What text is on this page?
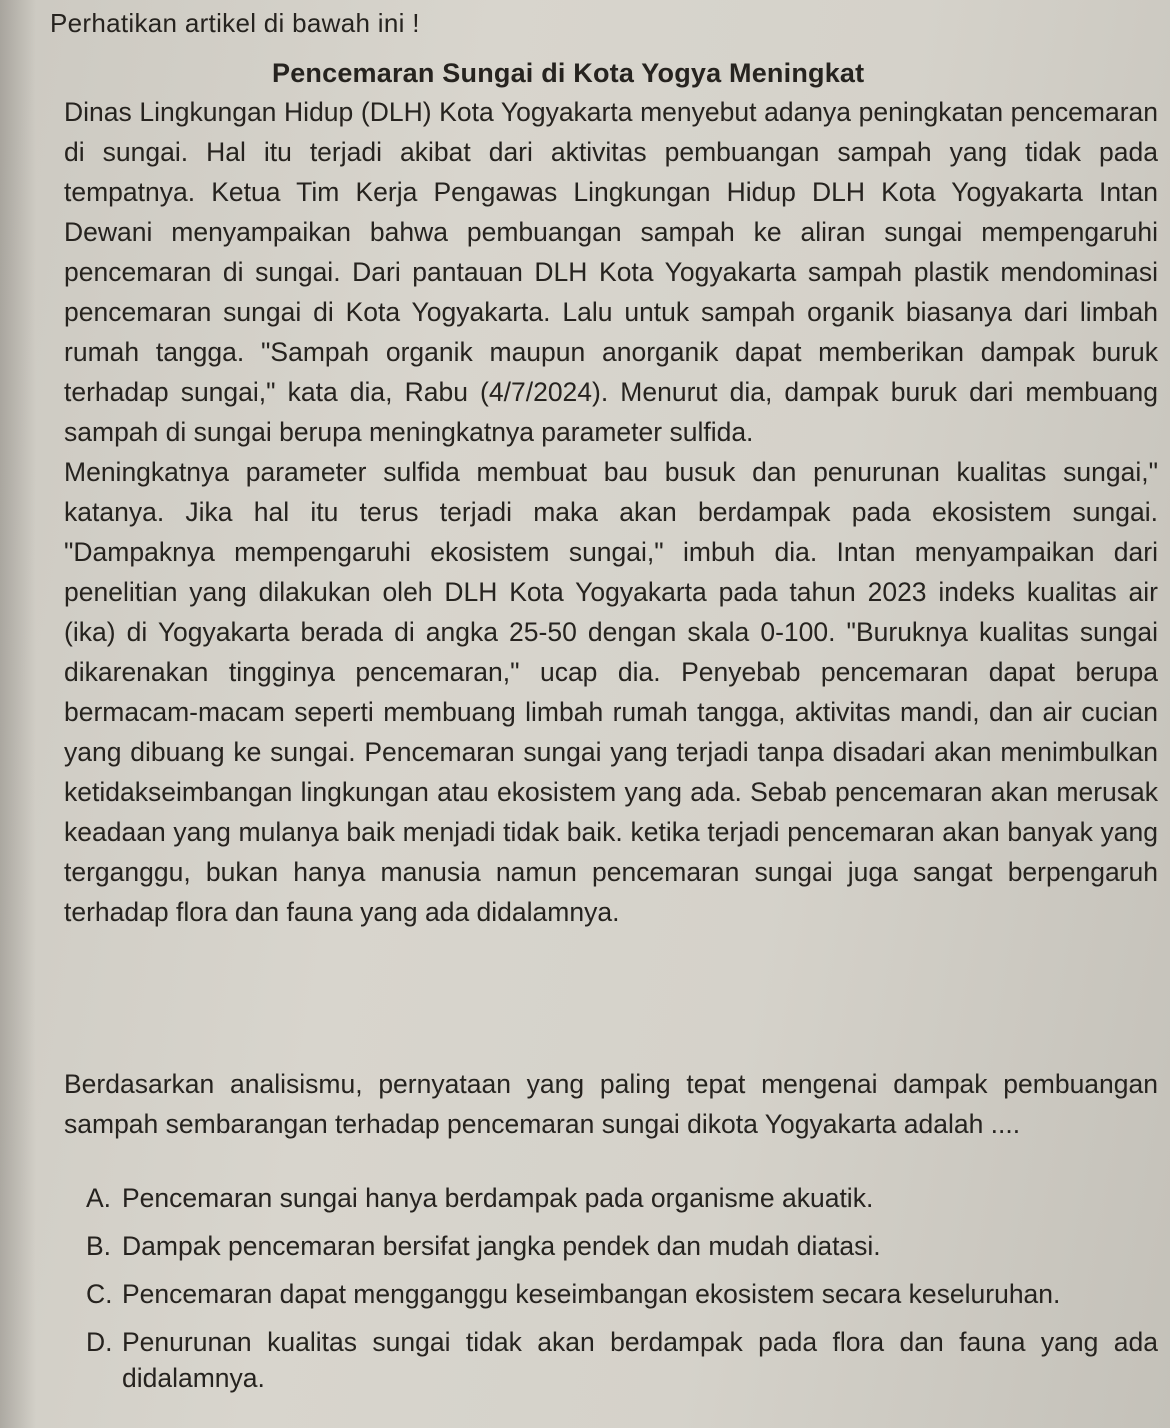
Perhatikan artikel di bawah ini !
Pencemaran Sungai di Kota Yogya Meningkat

Dinas Lingkungan Hidup (DLH) Kota Yogyakarta menyebut adanya peningkatan pencemaran di sungai. Hal itu terjadi akibat dari aktivitas pembuangan sampah yang tidak pada tempatnya. Ketua Tim Kerja Pengawas Lingkungan Hidup DLH Kota Yogyakarta Intan Dewani menyampaikan bahwa pembuangan sampah ke aliran sungai mempengaruhi pencemaran di sungai. Dari pantauan DLH Kota Yogyakarta sampah plastik mendominasi pencemaran sungai di Kota Yogyakarta. Lalu untuk sampah organik biasanya dari limbah rumah tangga. "Sampah organik maupun anorganik dapat memberikan dampak buruk terhadap sungai," kata dia, Rabu (4/7/2024). Menurut dia, dampak buruk dari membuang sampah di sungai berupa meningkatnya parameter sulfida.

Meningkatnya parameter sulfida membuat bau busuk dan penurunan kualitas sungai," katanya. Jika hal itu terus terjadi maka akan berdampak pada ekosistem sungai. "Dampaknya mempengaruhi ekosistem sungai," imbuh dia. Intan menyampaikan dari penelitian yang dilakukan oleh DLH Kota Yogyakarta pada tahun 2023 indeks kualitas air (ika) di Yogyakarta berada di angka 25-50 dengan skala 0-100. "Buruknya kualitas sungai dikarenakan tingginya pencemaran," ucap dia. Penyebab pencemaran dapat berupa bermacam-macam seperti membuang limbah rumah tangga, aktivitas mandi, dan air cucian yang dibuang ke sungai. Pencemaran sungai yang terjadi tanpa disadari akan menimbulkan ketidakseimbangan lingkungan atau ekosistem yang ada. Sebab pencemaran akan merusak keadaan yang mulanya baik menjadi tidak baik. ketika terjadi pencemaran akan banyak yang terganggu, bukan hanya manusia namun pencemaran sungai juga sangat berpengaruh terhadap flora dan fauna yang ada didalamnya.

Berdasarkan analisismu, pernyataan yang paling tepat mengenai dampak pembuangan sampah sembarangan terhadap pencemaran sungai dikota Yogyakarta adalah ....
A. Pencemaran sungai hanya berdampak pada organisme akuatik.
B. Dampak pencemaran bersifat jangka pendek dan mudah diatasi.
C. Pencemaran dapat mengganggu keseimbangan ekosistem secara keseluruhan.
D. Penurunan kualitas sungai tidak akan berdampak pada flora dan fauna yang ada didalamnya.
